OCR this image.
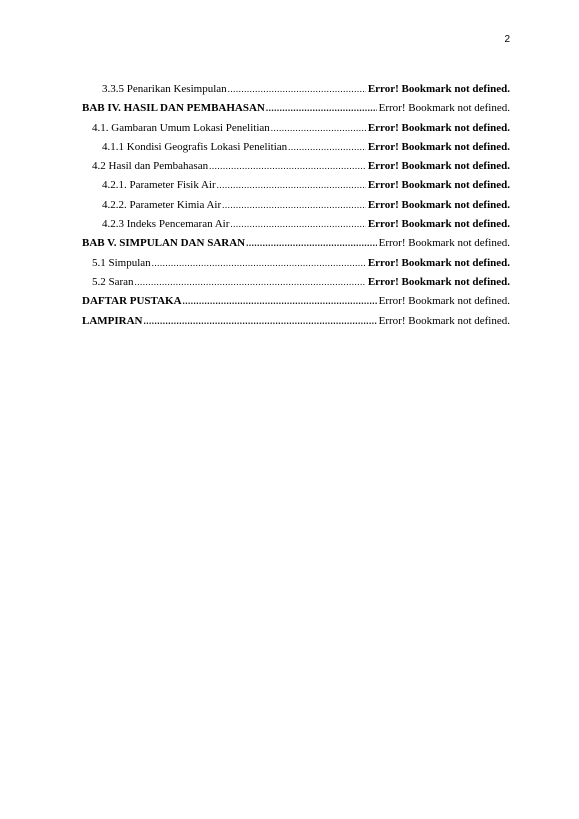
2
3.3.5 Penarikan Kesimpulan .....	Error! Bookmark not defined.
BAB IV. HASIL DAN PEMBAHASAN .....	Error! Bookmark not defined.
4.1. Gambaran Umum Lokasi Penelitian .....	Error! Bookmark not defined.
4.1.1 Kondisi Geografis Lokasi Penelitian .....	Error! Bookmark not defined.
4.2 Hasil dan Pembahasan .....	Error! Bookmark not defined.
4.2.1. Parameter Fisik Air .....	Error! Bookmark not defined.
4.2.2. Parameter Kimia Air .....	Error! Bookmark not defined.
4.2.3 Indeks Pencemaran Air .....	Error! Bookmark not defined.
BAB V. SIMPULAN DAN SARAN .....	Error! Bookmark not defined.
5.1 Simpulan .....	Error! Bookmark not defined.
5.2 Saran .....	Error! Bookmark not defined.
DAFTAR PUSTAKA .....	Error! Bookmark not defined.
LAMPIRAN .....	Error! Bookmark not defined.
